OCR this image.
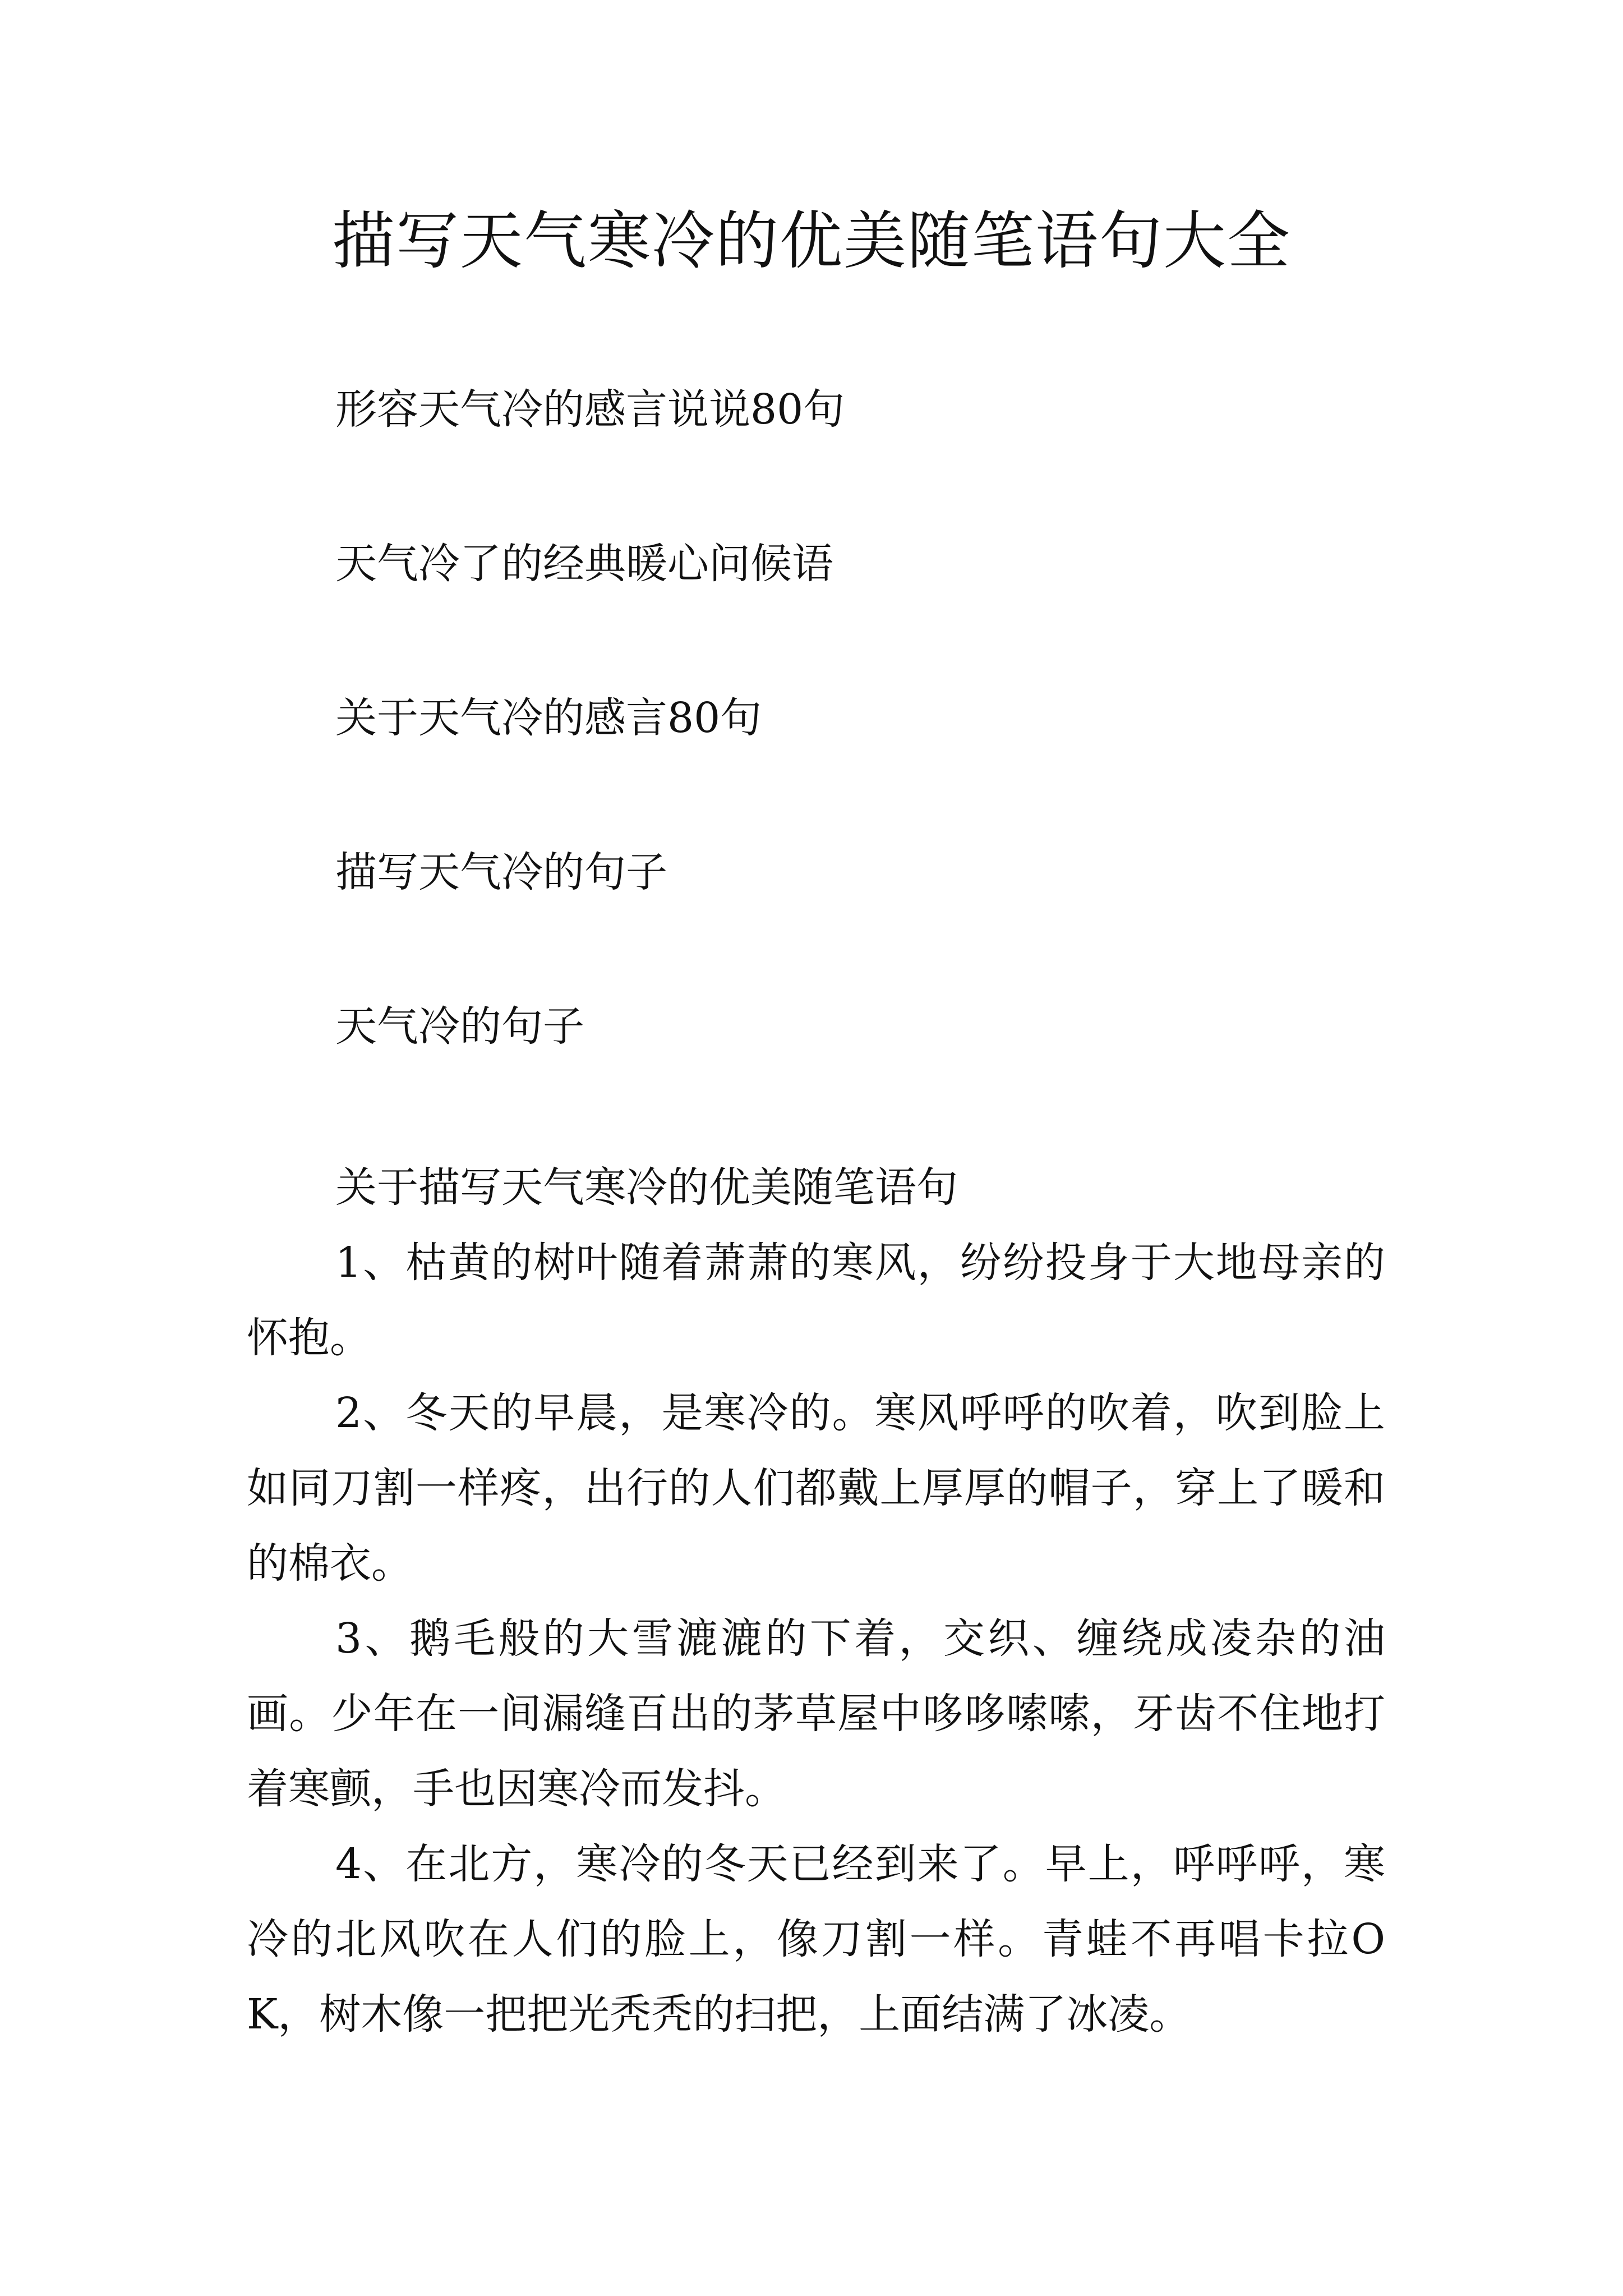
描写天气寒冷的优美随笔语句大全

形容天气冷的感言说说80句

天气冷了的经典暖心问候语

关于天气冷的感言80句

描写天气冷的句子

天气冷的句子

关于描写天气寒冷的优美随笔语句

1、枯黄的树叶随着萧萧的寒风，纷纷投身于大地母亲的怀抱。

2、冬天的早晨，是寒冷的。寒风呼呼的吹着，吹到脸上如同刀割一样疼，出行的人们都戴上厚厚的帽子，穿上了暖和的棉衣。

3、鹅毛般的大雪漉漉的下着，交织、缠绕成凌杂的油画。少年在一间漏缝百出的茅草屋中哆哆嗦嗦，牙齿不住地打着寒颤，手也因寒冷而发抖。

4、在北方，寒冷的冬天已经到来了。早上，呼呼呼，寒冷的北风吹在人们的脸上，像刀割一样。青蛙不再唱卡拉OK，树木像一把把光秃秃的扫把，上面结满了冰凌。
